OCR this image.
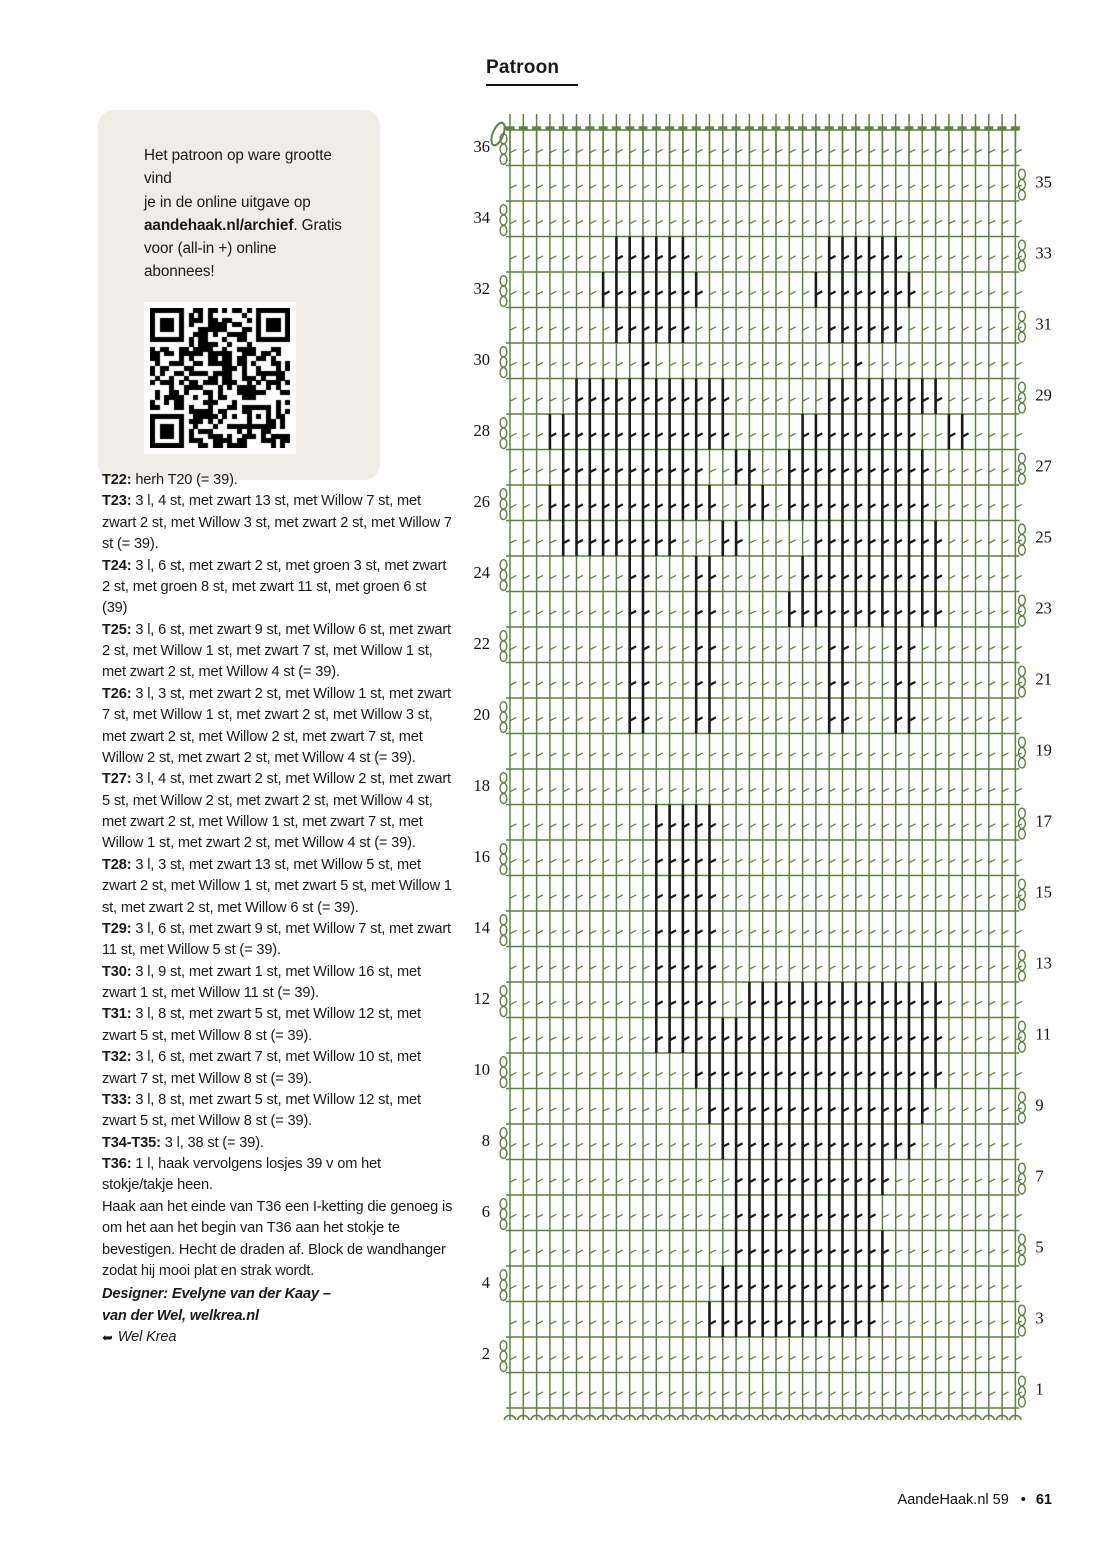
Het patroon op ware grootte vind
je in de online uitgave op
aandehaak.nl/archief. Gratis
voor (all-in +) online abonnees!

T22: herh T20 (= 39).

T23: 3 l, 4 st, met zwart 13 st, met Willow 7 st, met zwart 2 st, met Willow 3 st, met zwart 2 st, met Willow 7 st (= 39).

T24: 3 l, 6 st, met zwart 2 st, met groen 3 st, met zwart 2 st, met groen 8 st, met zwart 11 st, met groen 6 st (39)

T25: 3 l, 6 st, met zwart 9 st, met Willow 6 st, met zwart 2 st, met Willow 1 st, met zwart 7 st, met Willow 1 st, met zwart 2 st, met Willow 4 st (= 39).

T26: 3 l, 3 st, met zwart 2 st, met Willow 1 st, met zwart 7 st, met Willow 1 st, met zwart 2 st, met Willow 3 st, met zwart 2 st, met Willow 2 st, met zwart 7 st, met Willow 2 st, met zwart 2 st, met Willow 4 st (= 39).

T27: 3 l, 4 st, met zwart 2 st, met Willow 2 st, met zwart 5 st, met Willow 2 st, met zwart 2 st, met Willow 4 st, met zwart 2 st, met Willow 1 st, met zwart 7 st, met Willow 1 st, met zwart 2 st, met Willow 4 st (= 39).

T28: 3 l, 3 st, met zwart 13 st, met Willow 5 st, met zwart 2 st, met Willow 1 st, met zwart 5 st, met Willow 1 st, met zwart 2 st, met Willow 6 st (= 39).

T29: 3 l, 6 st, met zwart 9 st, met Willow 7 st, met zwart 11 st, met Willow 5 st (= 39).

T30: 3 l, 9 st, met zwart 1 st, met Willow 16 st, met zwart 1 st, met Willow 11 st (= 39).

T31: 3 l, 8 st, met zwart 5 st, met Willow 12 st, met zwart 5 st, met Willow 8 st (= 39).

T32: 3 l, 6 st, met zwart 7 st, met Willow 10 st, met zwart 7 st, met Willow 8 st (= 39).

T33: 3 l, 8 st, met zwart 5 st, met Willow 12 st, met zwart 5 st, met Willow 8 st (= 39).

T34-T35: 3 l, 38 st (= 39).

T36: 1 l, haak vervolgens losjes 39 v om het stokje/takje heen.

Haak aan het einde van T36 een I-ketting die genoeg is om het aan het begin van T36 aan het stokje te bevestigen. Hecht de draden af. Block de wandhanger zodat hij mooi plat en strak wordt.

Designer: Evelyne van der Kaay –
van der Wel, welkrea.nl
➥ Wel Krea
Patroon
1
2
3
4
5
6
7
8
9
10
11
12
13
14
15
16
17
18
19
20
21
22
23
24
25
26
27
28
29
30
31
32
33
34
35
36
AandeHaak.nl 59 • 61
